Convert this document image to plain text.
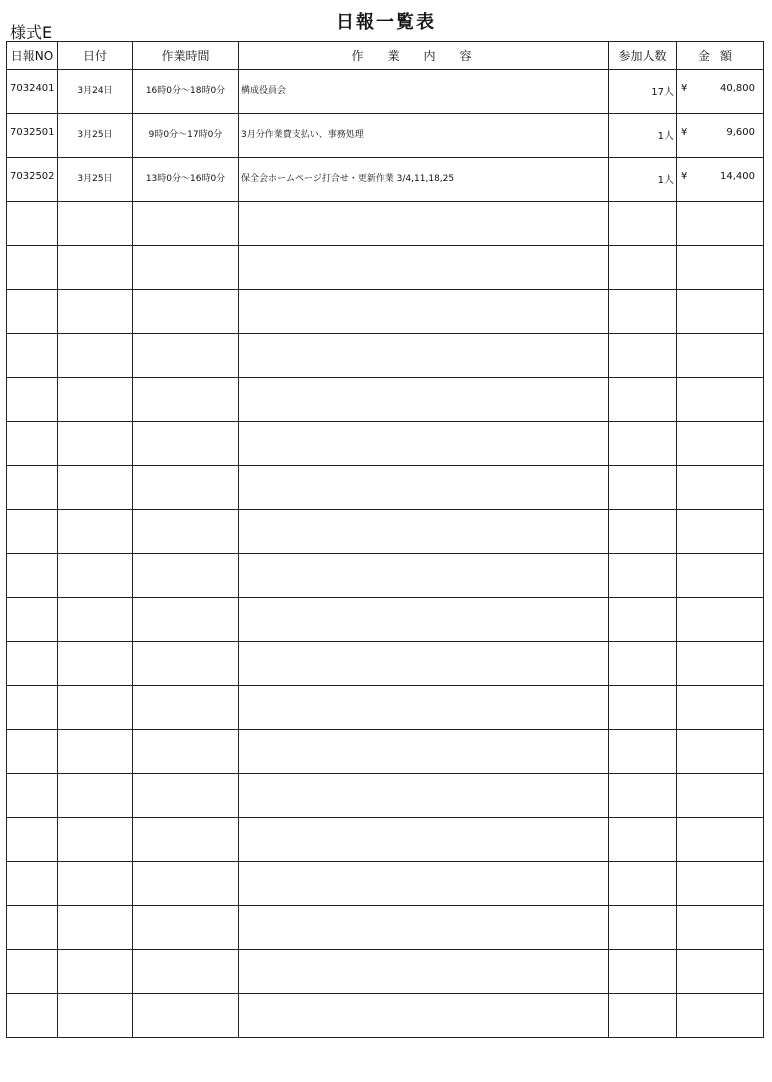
様式E	日報一覧表
日報NO	日付	作業時間	作業内容	参加人数	金額
7032401	3月24日	16時0分～18時0分	構成役員会	17人	¥ 40,800

7032501	3月25日	9時0分～17時0分	3月分作業費支払い、事務処理	1人	¥ 9,600

7032502	3月25日	13時0分～16時0分	保全会ホームページ打合せ・更新作業 3/4,11,18,25	1人	¥ 14,400
